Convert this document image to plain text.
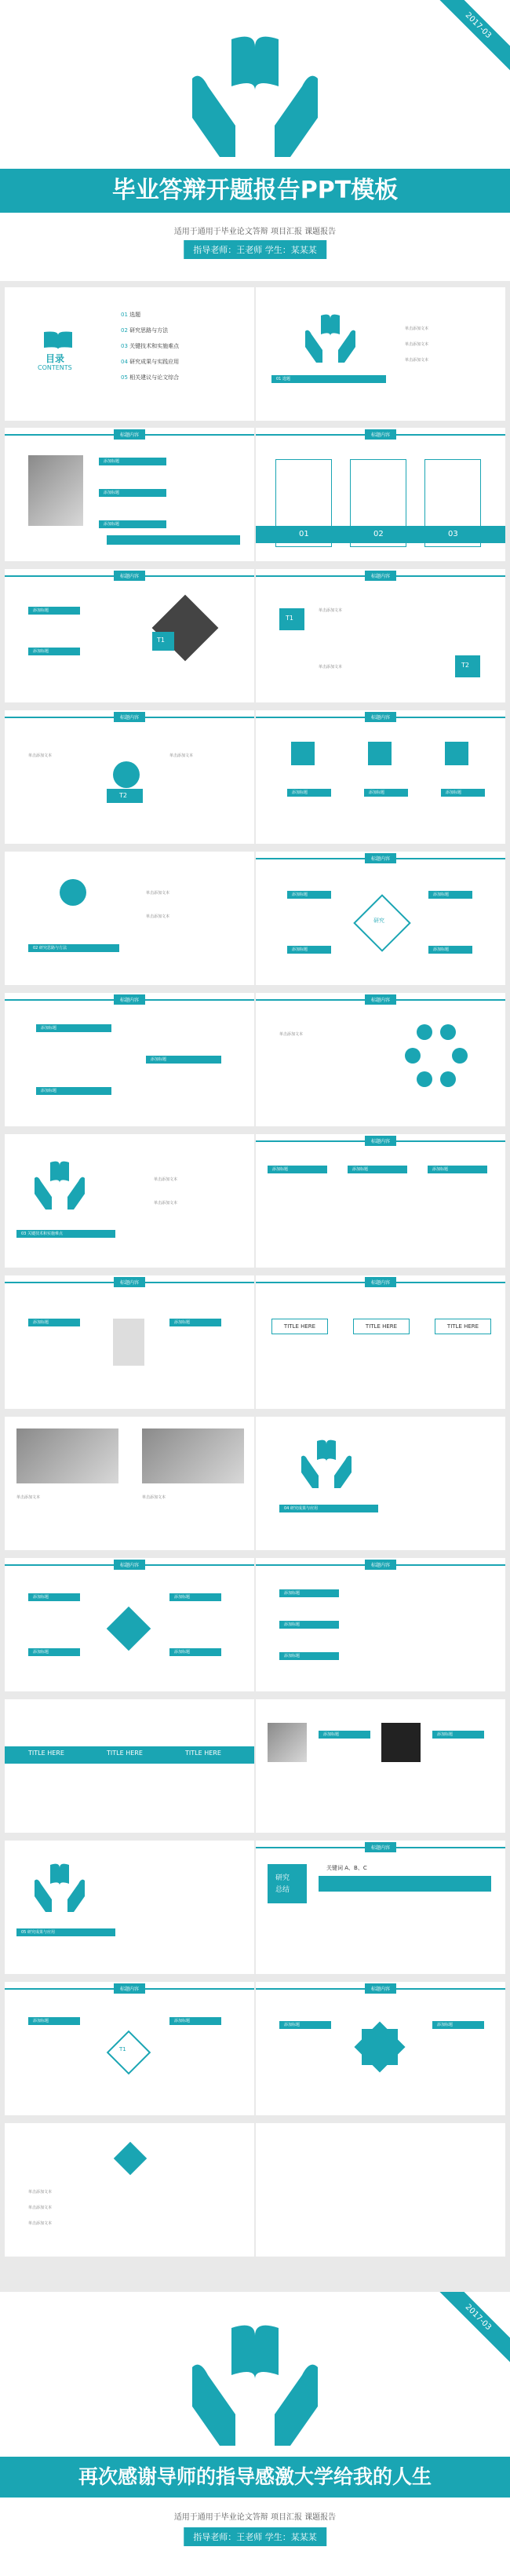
2017-03
毕业答辩开题报告PPT模板
适用于通用于毕业论文答辩 项目汇报 课题报告
指导老师：王老师 学生：某某某
目录
CONTENTS
01 选题
02 研究思路与方法
03 关键技术和实施难点
04 研究成果与实践应用
05 相关建议与论文综合	01 选题
单击添加文本
单击添加文本
单击添加文本
标题内容
添加标题
添加标题
添加标题
标题内容
01	02	03
标题内容
添加标题
添加标题
T1
标题内容
T1
T2
单击添加文本
单击添加文本
标题内容
T2
单击添加文本	单击添加文本
标题内容
添加标题	添加标题	添加标题
02 研究思路与方法
单击添加文本
单击添加文本
标题内容
研究
添加标题	添加标题
添加标题	添加标题
标题内容
添加标题
添加标题
添加标题
标题内容
单击添加文本
03 关键技术和实施难点
单击添加文本
单击添加文本
标题内容
添加标题	添加标题	添加标题
标题内容
添加标题	添加标题
标题内容
TITLE HERE	TITLE HERE	TITLE HERE
单击添加文本	单击添加文本
04 研究成果与应用
标题内容
添加标题	添加标题
添加标题	添加标题
标题内容
添加标题
添加标题
添加标题
TITLE HERE	TITLE HERE	TITLE HERE
添加标题	添加标题
05 研究成果与应用
标题内容
研究
总结
关键词 A、B、C
标题内容
T1
添加标题	添加标题
标题内容
添加标题	添加标题
单击添加文本
单击添加文本
单击添加文本
2017-03
再次感谢导师的指导感激大学给我的人生
适用于通用于毕业论文答辩 项目汇报 课题报告
指导老师：王老师 学生：某某某
